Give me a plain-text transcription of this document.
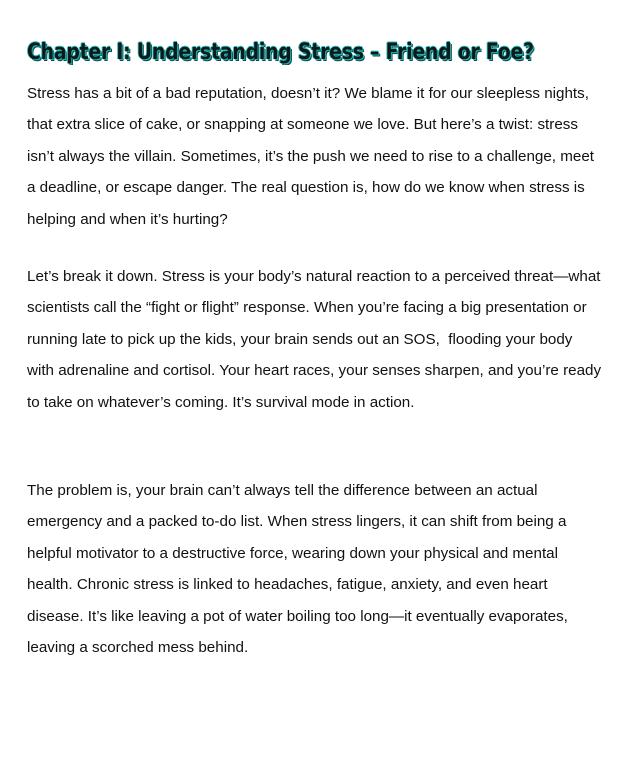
Chapter I: Understanding Stress – Friend or Foe?

Stress has a bit of a bad reputation, doesn’t it? We blame it for our sleepless nights, that extra slice of cake, or snapping at someone we love. But here’s a twist: stress isn’t always the villain. Sometimes, it’s the push we need to rise to a challenge, meet a deadline, or escape danger. The real question is, how do we know when stress is helping and when it’s hurting?

Let’s break it down. Stress is your body’s natural reaction to a perceived threat—what scientists call the “fight or flight” response. When you’re facing a big presentation or running late to pick up the kids, your brain sends out an SOS,  flooding your body with adrenaline and cortisol. Your heart races, your senses sharpen, and you’re ready to take on whatever’s coming. It’s survival mode in action.

The problem is, your brain can’t always tell the difference between an actual emergency and a packed to-do list. When stress lingers, it can shift from being a helpful motivator to a destructive force, wearing down your physical and mental health. Chronic stress is linked to headaches, fatigue, anxiety, and even heart disease. It’s like leaving a pot of water boiling too long—it eventually evaporates, leaving a scorched mess behind.
